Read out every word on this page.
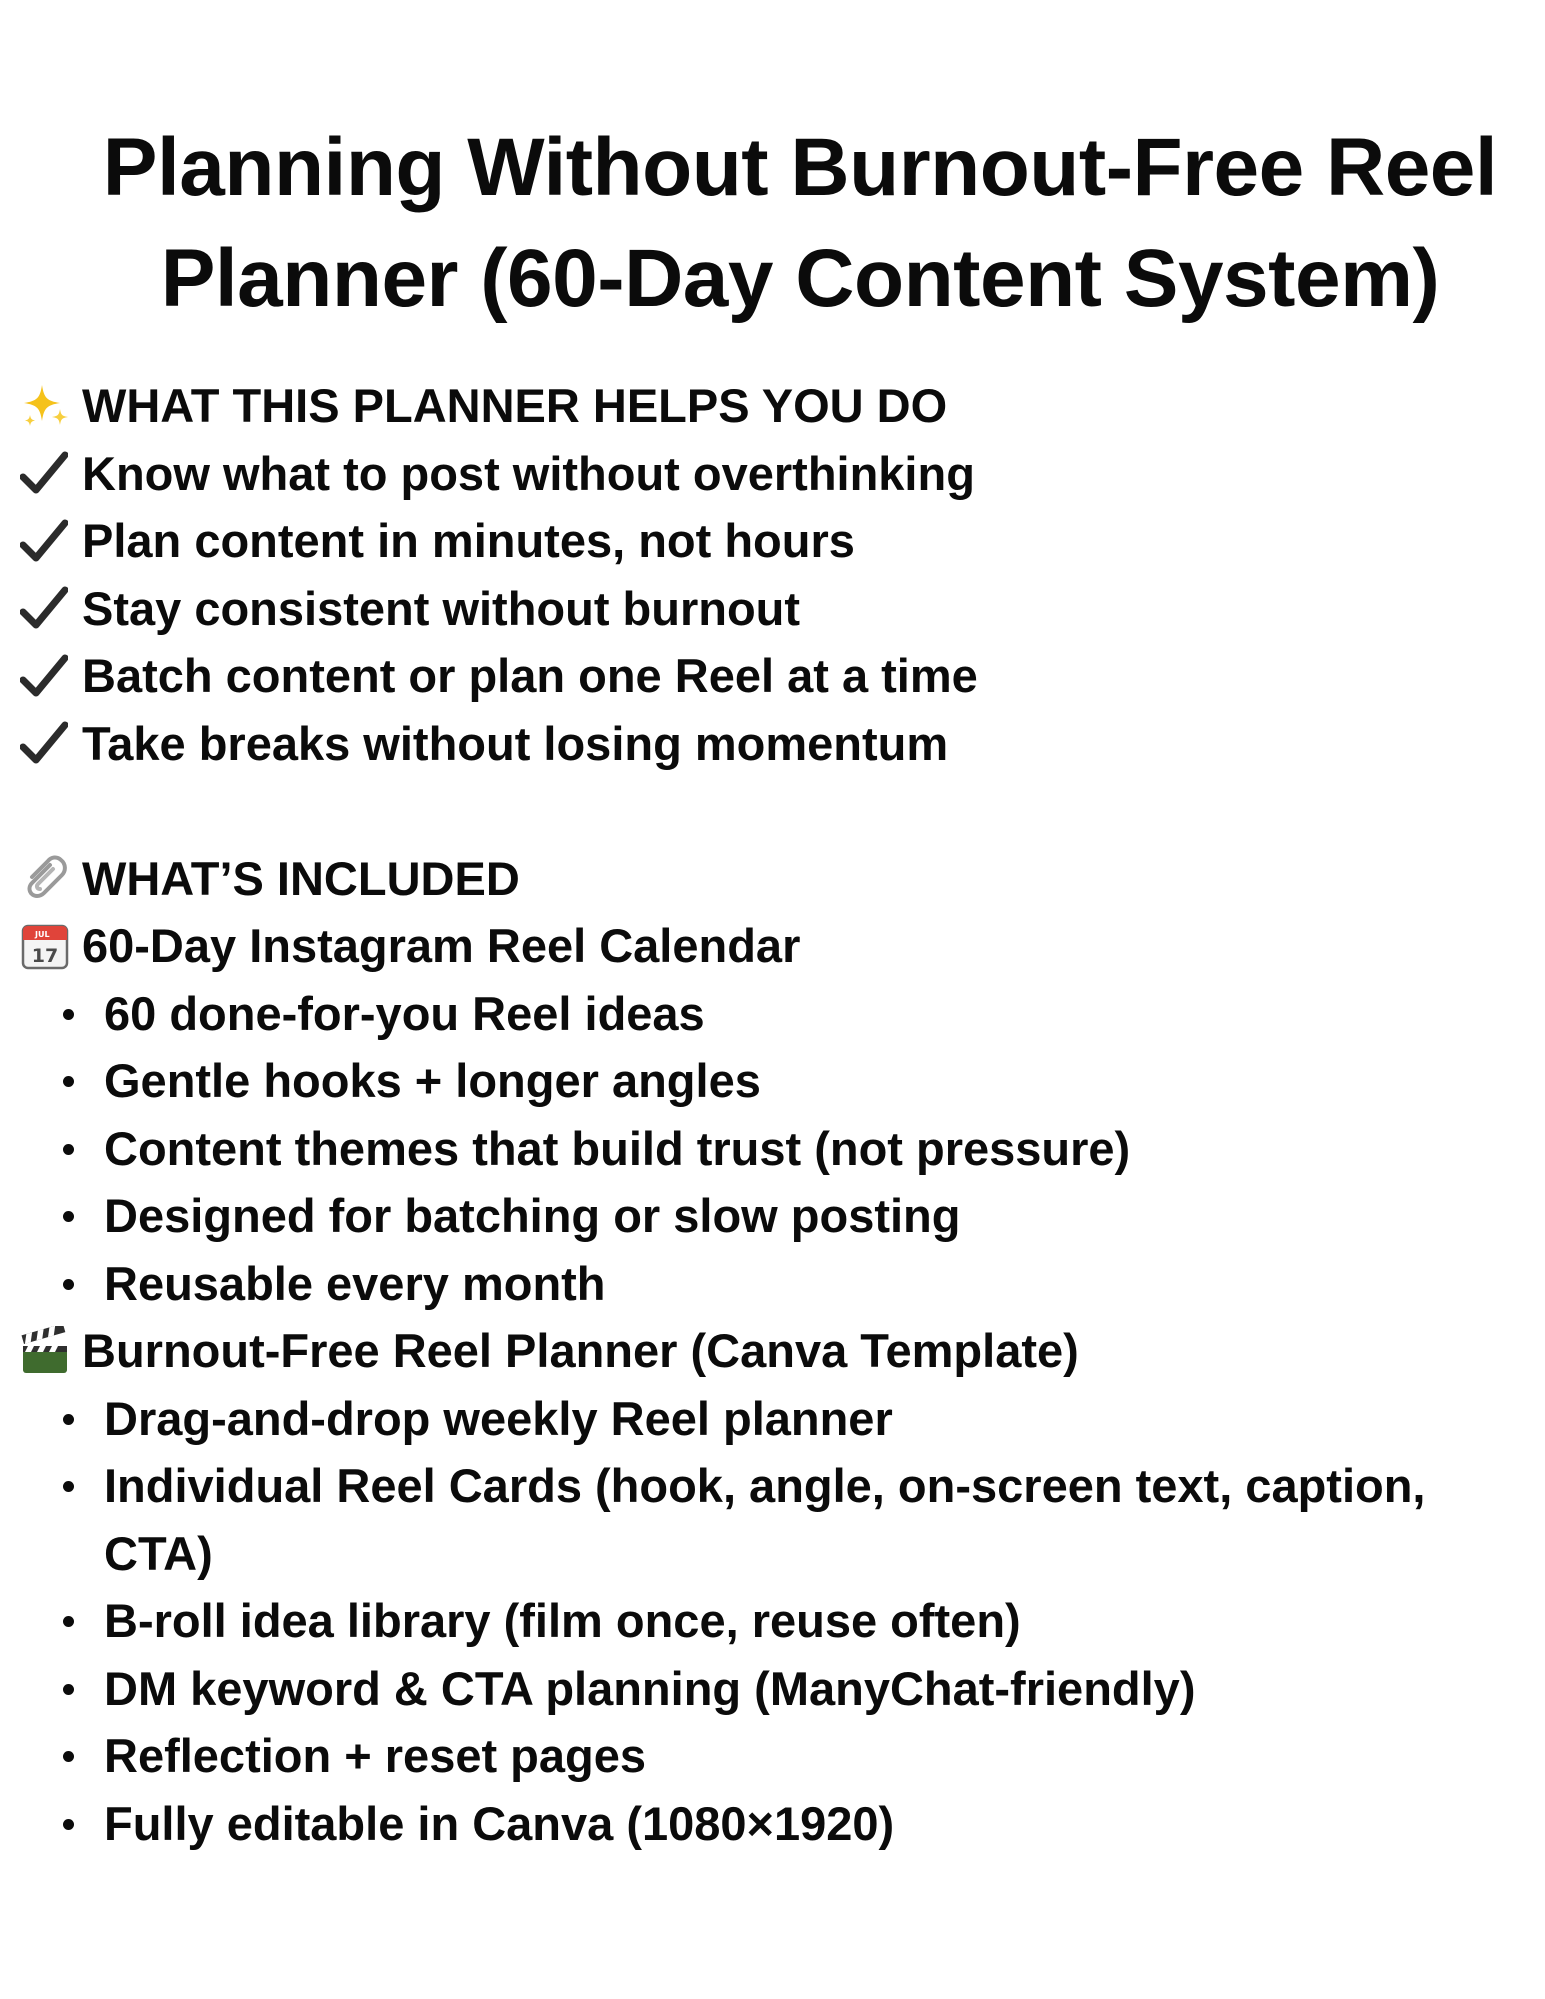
Planning Without Burnout-Free Reel
Planner (60-Day Content System)
WHAT THIS PLANNER HELPS YOU DO
Know what to post without overthinking
Plan content in minutes, not hours
Stay consistent without burnout
Batch content or plan one Reel at a time
Take breaks without losing momentum
WHAT’S INCLUDED
JUL
17 60-Day Instagram Reel Calendar
60 done-for-you Reel ideas
Gentle hooks + longer angles
Content themes that build trust (not pressure)
Designed for batching or slow posting
Reusable every month
Burnout-Free Reel Planner (Canva Template)
Drag-and-drop weekly Reel planner
Individual Reel Cards (hook, angle, on-screen text, caption, CTA)
B-roll idea library (film once, reuse often)
DM keyword & CTA planning (ManyChat-friendly)
Reflection + reset pages
Fully editable in Canva (1080×1920)
